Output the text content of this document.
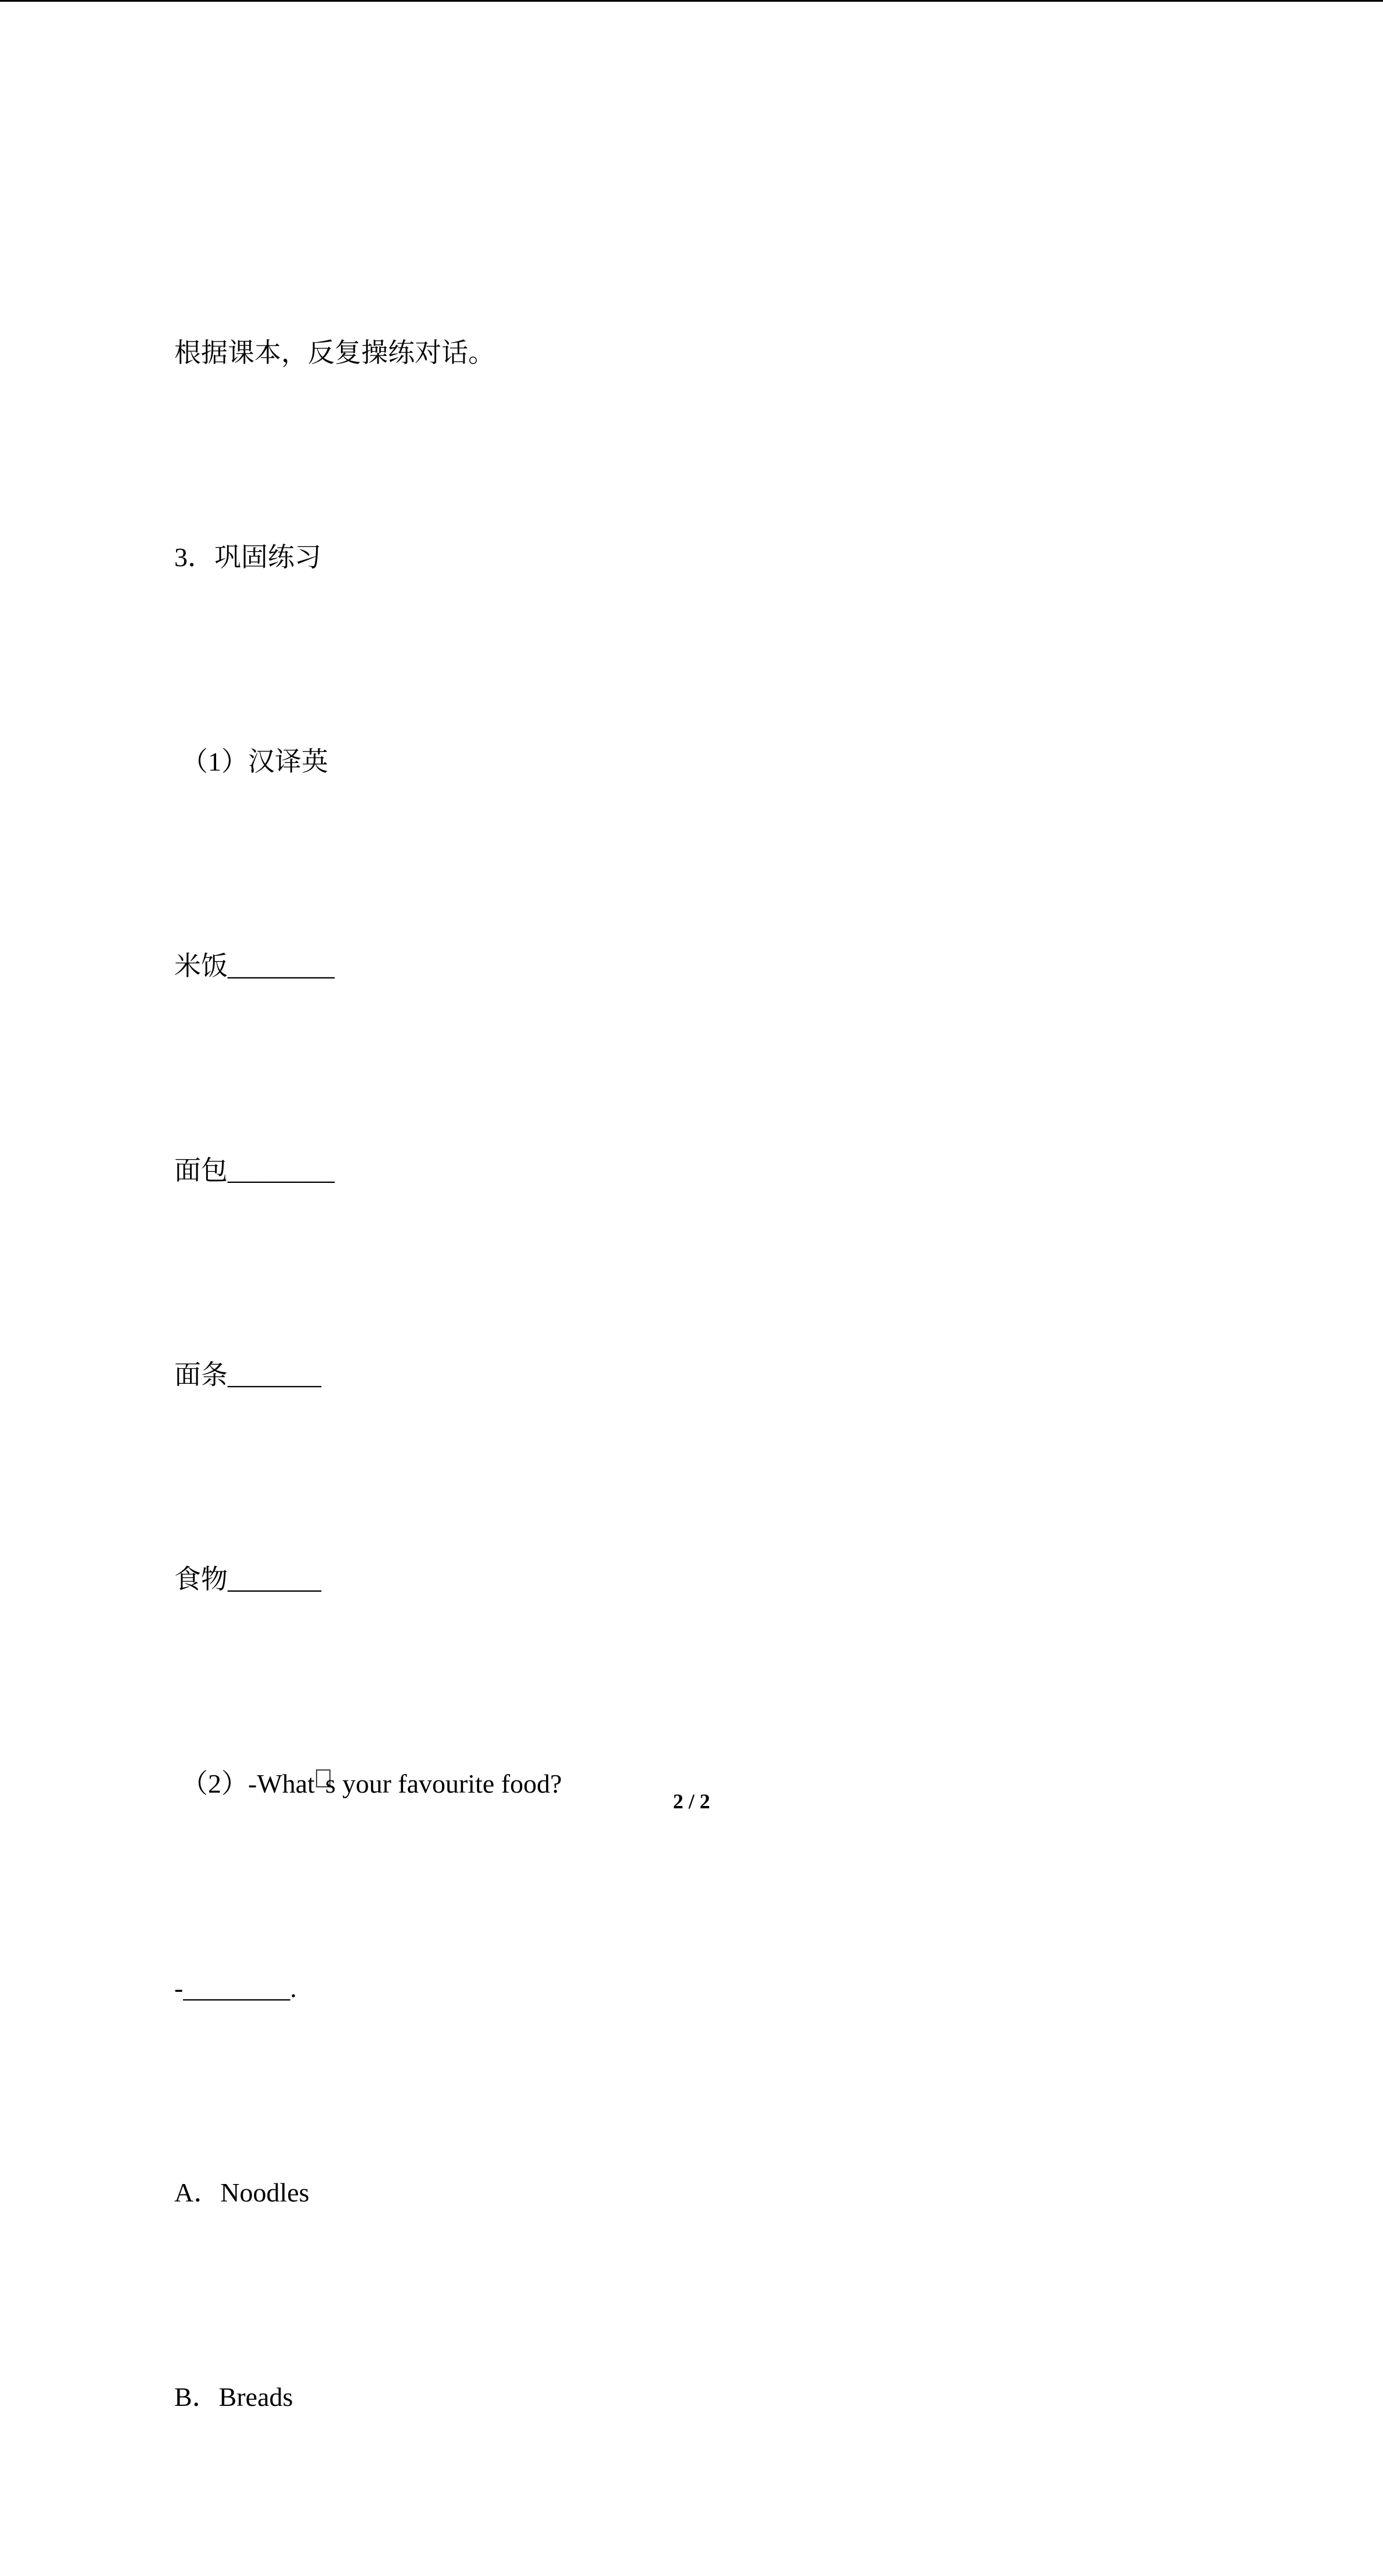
根据课本，反复操练对话。

3．巩固练习

（1）汉译英

米饭________

面包________

面条_______

食物_______

（2）-What s your favourite food?

-________.

A．Noodles

B．Breads

2 / 2
